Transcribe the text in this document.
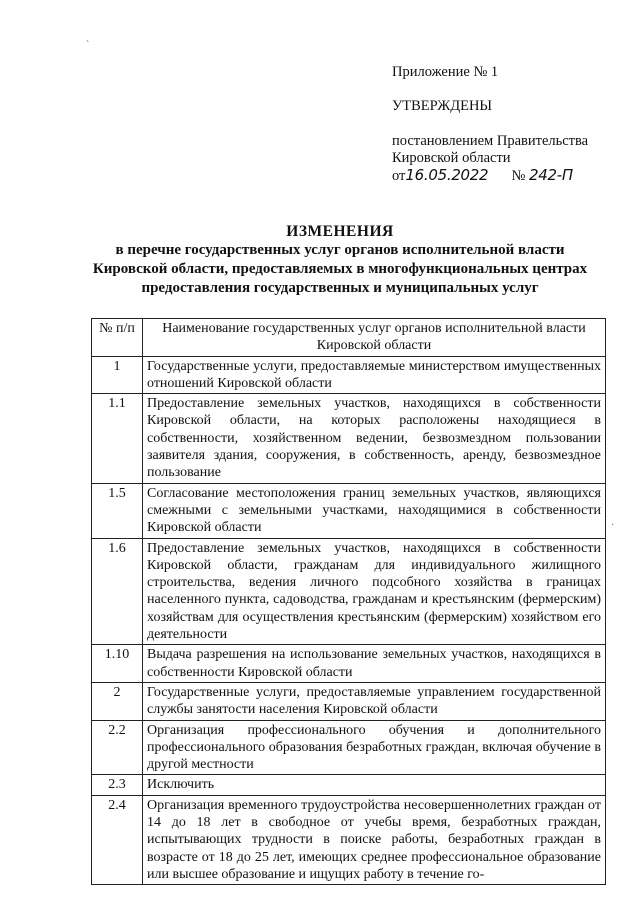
`
Приложение № 1
УТВЕРЖДЕНЫ
постановлением Правительства
Кировской области
от16.05.2022 № 242-П
ИЗМЕНЕНИЯ
в перечне государственных услуг органов исполнительной власти
Кировской области, предоставляемых в многофункциональных центрах
предоставления государственных и муниципальных услуг
№ п/п	Наименование государственных услуг органов исполнительной власти Кировской области
1	Государственные услуги, предоставляемые министерством имущественных отношений Кировской области
1.1	Предоставление земельных участков, находящихся в собственности Кировской области, на которых расположены находящиеся в собственности, хозяйственном ведении, безвозмездном пользовании заявителя здания, сооружения, в собственность, аренду, безвозмездное пользование
1.5	Согласование местоположения границ земельных участков, являющихся смежными с земельными участками, находящимися в собственности Кировской области
1.6	Предоставление земельных участков, находящихся в собственности Кировской области, гражданам для индивидуального жилищного строительства, ведения личного подсобного хозяйства в границах населенного пункта, садоводства, гражданам и крестьянским (фермерским) хозяйствам для осуществления крестьянским (фермерским) хозяйством его деятельности
1.10	Выдача разрешения на использование земельных участков, находящихся в собственности Кировской области
2	Государственные услуги, предоставляемые управлением государственной службы занятости населения Кировской области
2.2	Организация профессионального обучения и дополнительного профессионального образования безработных граждан, включая обучение в другой местности
2.3	Исключить
2.4	Организация временного трудоустройства несовершеннолетних граждан от 14 до 18 лет в свободное от учебы время, безработных граждан, испытывающих трудности в поиске работы, безработных граждан в возрасте от 18 до 25 лет, имеющих среднее профессиональное образование или высшее образование и ищущих работу в течение го-
·
